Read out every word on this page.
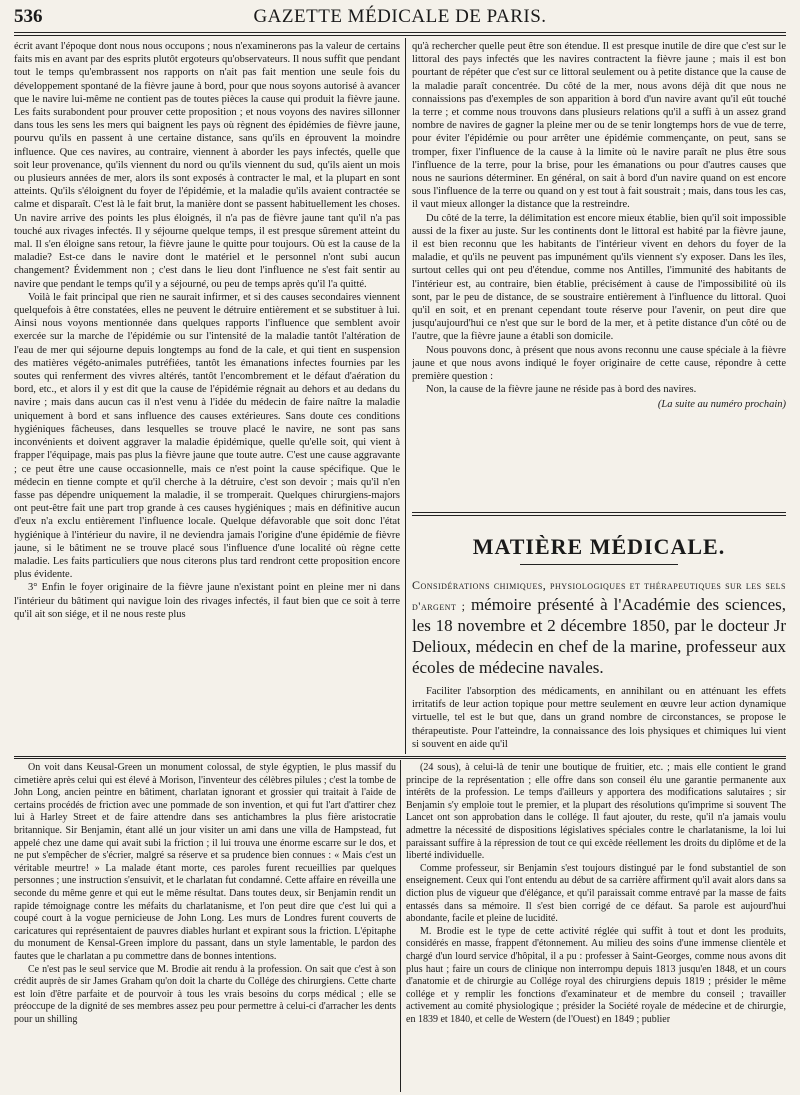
536	GAZETTE MÉDICALE DE PARIS.

écrit avant l'époque dont nous nous occupons ; nous n'examinerons pas la valeur de certains faits mis en avant par des esprits plutôt ergoteurs qu'observateurs. Il nous suffit que pendant tout le temps qu'embrassent nos rapports on n'ait pas fait mention une seule fois du développement spontané de la fièvre jaune à bord, pour que nous soyons autorisé à avancer que le navire lui-même ne contient pas de toutes pièces la cause qui produit la fièvre jaune. Les faits surabondent pour prouver cette proposition ; et nous voyons des navires sillonner dans tous les sens les mers qui baignent les pays où règnent des épidémies de fièvre jaune, pourvu qu'ils en passent à une certaine distance, sans qu'ils en éprouvent la moindre influence. Que ces navires, au contraire, viennent à aborder les pays infectés, quelle que soit leur provenance, qu'ils viennent du nord ou qu'ils viennent du sud, qu'ils aient un mois ou plusieurs années de mer, alors ils sont exposés à contracter le mal, et la plupart en sont atteints. Qu'ils s'éloignent du foyer de l'épidémie, et la maladie qu'ils avaient contractée se calme et disparaît. C'est là le fait brut, la manière dont se passent habituellement les choses. Un navire arrive des points les plus éloignés, il n'a pas de fièvre jaune tant qu'il n'a pas touché aux rivages infectés. Il y séjourne quelque temps, il est presque sûrement atteint du mal. Il s'en éloigne sans retour, la fièvre jaune le quitte pour toujours. Où est la cause de la maladie? Est-ce dans le navire dont le matériel et le personnel n'ont subi aucun changement? Évidemment non ; c'est dans le lieu dont l'influence ne s'est fait sentir au navire que pendant le temps qu'il y a séjourné, ou peu de temps après qu'il l'a quitté.

Voilà le fait principal que rien ne saurait infirmer, et si des causes secondaires viennent quelquefois à être constatées, elles ne peuvent le détruire entièrement et se substituer à lui. Ainsi nous voyons mentionnée dans quelques rapports l'influence que semblent avoir exercée sur la marche de l'épidémie ou sur l'intensité de la maladie tantôt l'altération de l'eau de mer qui séjourne depuis longtemps au fond de la cale, et qui tient en suspension des matières végéto-animales putréfiées, tantôt les émanations infectes fournies par les soutes qui renferment des vivres altérés, tantôt l'encombrement et le défaut d'aération du bord, etc., et alors il y est dit que la cause de l'épidémie régnait au dehors et au dedans du navire ; mais dans aucun cas il n'est venu à l'idée du médecin de faire naître la maladie uniquement à bord et sans influence des causes extérieures. Sans doute ces conditions hygiéniques fâcheuses, dans lesquelles se trouve placé le navire, ne sont pas sans inconvénients et doivent aggraver la maladie épidémique, quelle qu'elle soit, qui vient à frapper l'équipage, mais pas plus la fièvre jaune que toute autre. C'est une cause aggravante ; ce peut être une cause occasionnelle, mais ce n'est point la cause spécifique. Que le médecin en tienne compte et qu'il cherche à la détruire, c'est son devoir ; mais qu'il n'en fasse pas dépendre uniquement la maladie, il se tromperait. Quelques chirurgiens-majors ont peut-être fait une part trop grande à ces causes hygiéniques ; mais en définitive aucun d'eux n'a exclu entièrement l'influence locale. Quelque défavorable que soit donc l'état hygiénique à l'intérieur du navire, il ne deviendra jamais l'origine d'une épidémie de fièvre jaune, si le bâtiment ne se trouve placé sous l'influence d'une localité où règne cette maladie. Les faits particuliers que nous citerons plus tard rendront cette proposition encore plus évidente.

3° Enfin le foyer originaire de la fièvre jaune n'existant point en pleine mer ni dans l'intérieur du bâtiment qui navigue loin des rivages infectés, il faut bien que ce soit à terre qu'il ait son siége, et il ne nous reste plus

qu'à rechercher quelle peut être son étendue. Il est presque inutile de dire que c'est sur le littoral des pays infectés que les navires contractent la fièvre jaune ; mais il est bon pourtant de répéter que c'est sur ce littoral seulement ou à petite distance que la cause de la maladie paraît concentrée. Du côté de la mer, nous avons déjà dit que nous ne connaissions pas d'exemples de son apparition à bord d'un navire avant qu'il eût touché la terre ; et comme nous trouvons dans plusieurs relations qu'il a suffi à un assez grand nombre de navires de gagner la pleine mer ou de se tenir longtemps hors de vue de terre, pour éviter l'épidémie ou pour arrêter une épidémie commençante, on peut, sans se tromper, fixer l'influence de la cause à la limite où le navire paraît ne plus être sous l'influence de la terre, pour la brise, pour les émanations ou pour d'autres causes que nous ne saurions déterminer. En général, on sait à bord d'un navire quand on est encore sous l'influence de la terre ou quand on y est tout à fait soustrait ; mais, dans tous les cas, il vaut mieux allonger la distance que la restreindre.

Du côté de la terre, la délimitation est encore mieux établie, bien qu'il soit impossible aussi de la fixer au juste. Sur les continents dont le littoral est habité par la fièvre jaune, il est bien reconnu que les habitants de l'intérieur vivent en dehors du foyer de la maladie, et qu'ils ne peuvent pas impunément qu'ils viennent s'y exposer. Dans les îles, surtout celles qui ont peu d'étendue, comme nos Antilles, l'immunité des habitants de l'intérieur est, au contraire, bien établie, précisément à cause de l'impossibilité où ils sont, par le peu de distance, de se soustraire entièrement à l'influence du littoral. Quoi qu'il en soit, et en prenant cependant toute réserve pour l'avenir, on peut dire que jusqu'aujourd'hui ce n'est que sur le bord de la mer, et à petite distance d'un côté ou de l'autre, que la fièvre jaune a établi son domicile.

Nous pouvons donc, à présent que nous avons reconnu une cause spéciale à la fièvre jaune et que nous avons indiqué le foyer originaire de cette cause, répondre à cette première question :

Non, la cause de la fièvre jaune ne réside pas à bord des navires.

(La suite au numéro prochain)
MATIÈRE MÉDICALE.
Considérations chimiques, physiologiques et thérapeutiques sur les sels d'argent ; mémoire présenté à l'Académie des sciences, les 18 novembre et 2 décembre 1850, par le docteur Jr Delioux, médecin en chef de la marine, professeur aux écoles de médecine navales.

Faciliter l'absorption des médicaments, en annihilant ou en atténuant les effets irritatifs de leur action topique pour mettre seulement en œuvre leur action dynamique virtuelle, tel est le but que, dans un grand nombre de circonstances, se propose le thérapeutiste. Pour l'atteindre, la connaissance des lois physiques et chimiques lui vient si souvent en aide qu'il

On voit dans Keusal-Green un monument colossal, de style égyptien, le plus massif du cimetière après celui qui est élevé à Morison, l'inventeur des célèbres pilules ; c'est la tombe de John Long, ancien peintre en bâtiment, charlatan ignorant et grossier qui traitait à l'aide de certains procédés de friction avec une pommade de son invention, et qui fut l'art d'attirer chez lui à Harley Street et de faire attendre dans ses antichambres la plus fière aristocratie britannique. Sir Benjamin, étant allé un jour visiter un ami dans une villa de Hampstead, fut appelé chez une dame qui avait subi la friction ; il lui trouva une énorme escarre sur le dos, et ne put s'empêcher de s'écrier, malgré sa réserve et sa prudence bien connues : « Mais c'est un véritable meurtre! » La malade étant morte, ces paroles furent recueillies par quelques personnes ; une instruction s'ensuivit, et le charlatan fut condamné. Cette affaire en réveilla une seconde du même genre et qui eut le même résultat. Dans toutes deux, sir Benjamin rendit un rapide témoignage contre les méfaits du charlatanisme, et l'on peut dire que c'est lui qui a coupé court à la vogue pernicieuse de John Long. Les murs de Londres furent couverts de caricatures qui représentaient de pauvres diables hurlant et expirant sous la friction. L'épitaphe du monument de Kensal-Green implore du passant, dans un style lamentable, le pardon des fautes que le charlatan a pu commettre dans de bonnes intentions.

Ce n'est pas le seul service que M. Brodie ait rendu à la profession. On sait que c'est à son crédit auprès de sir James Graham qu'on doit la charte du Collége des chirurgiens. Cette charte est loin d'être parfaite et de pourvoir à tous les vrais besoins du corps médical ; elle se préoccupe de la dignité de ses membres assez peu pour permettre à celui-ci d'arracher les dents pour un shilling

(24 sous), à celui-là de tenir une boutique de fruitier, etc. ; mais elle contient le grand principe de la représentation ; elle offre dans son conseil élu une garantie permanente aux intérêts de la profession. Le temps d'ailleurs y apportera des modifications salutaires ; sir Benjamin s'y emploie tout le premier, et la plupart des résolutions qu'imprime si souvent The Lancet ont son approbation dans le collége. Il faut ajouter, du reste, qu'il n'a jamais voulu admettre la nécessité de dispositions législatives spéciales contre le charlatanisme, la loi lui paraissant suffire à la répression de tout ce qui excède réellement les droits du diplôme et de la liberté individuelle.

Comme professeur, sir Benjamin s'est toujours distingué par le fond substantiel de son enseignement. Ceux qui l'ont entendu au début de sa carrière affirment qu'il avait alors dans sa diction plus de vigueur que d'élégance, et qu'il paraissait comme entravé par la masse de faits entassés dans sa mémoire. Il s'est bien corrigé de ce défaut. Sa parole est aujourd'hui abondante, facile et pleine de lucidité.

M. Brodie est le type de cette activité réglée qui suffit à tout et dont les produits, considérés en masse, frappent d'étonnement. Au milieu des soins d'une immense clientèle et chargé d'un lourd service d'hôpital, il a pu : professer à Saint-Georges, comme nous avons dit plus haut ; faire un cours de clinique non interrompu depuis 1813 jusqu'en 1848, et un cours d'anatomie et de chirurgie au Collége royal des chirurgiens depuis 1819 ; présider le même collége et y remplir les fonctions d'examinateur et de membre du conseil ; travailler activement au comité physiologique ; présider la Société royale de médecine et de chirurgie, en 1839 et 1840, et celle de Western (de l'Ouest) en 1849 ; publier
